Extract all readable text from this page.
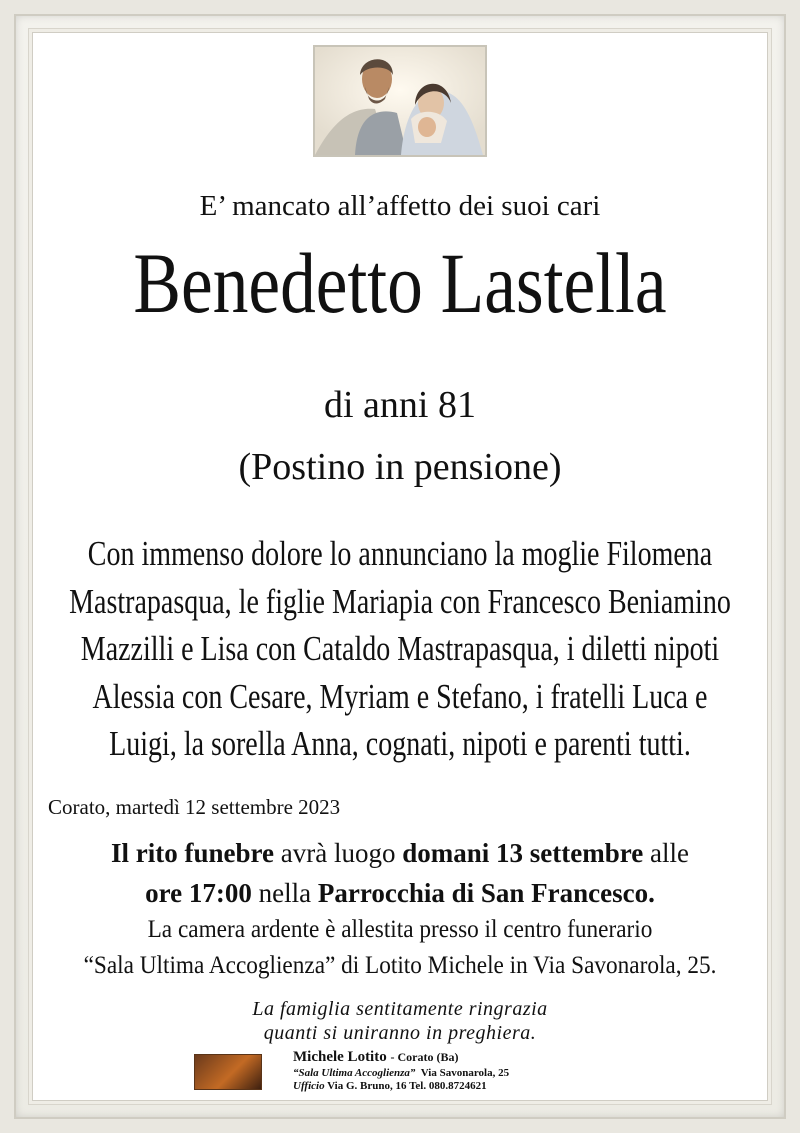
E’ mancato all’affetto dei suoi cari
Benedetto Lastella
di anni 81
(Postino in pensione)
Con immenso dolore lo annunciano la moglie Filomena
Mastrapasqua, le figlie Mariapia con Francesco Beniamino
Mazzilli e Lisa con Cataldo Mastrapasqua, i diletti nipoti
Alessia con Cesare, Myriam e Stefano, i fratelli Luca e
Luigi, la sorella Anna, cognati, nipoti e parenti tutti.
Corato, martedì 12 settembre 2023
Il rito funebre avrà luogo domani 13 settembre alle
ore 17:00 nella Parrocchia di San Francesco.
La camera ardente è allestita presso il centro funerario
“Sala Ultima Accoglienza” di Lotito Michele in Via Savonarola, 25.
La famiglia sentitamente ringrazia
quanti si uniranno in preghiera.
Michele Lotito - Corato (Ba)
“Sala Ultima Accoglienza” Via Savonarola, 25
Ufficio Via G. Bruno, 16 Tel. 080.8724621
